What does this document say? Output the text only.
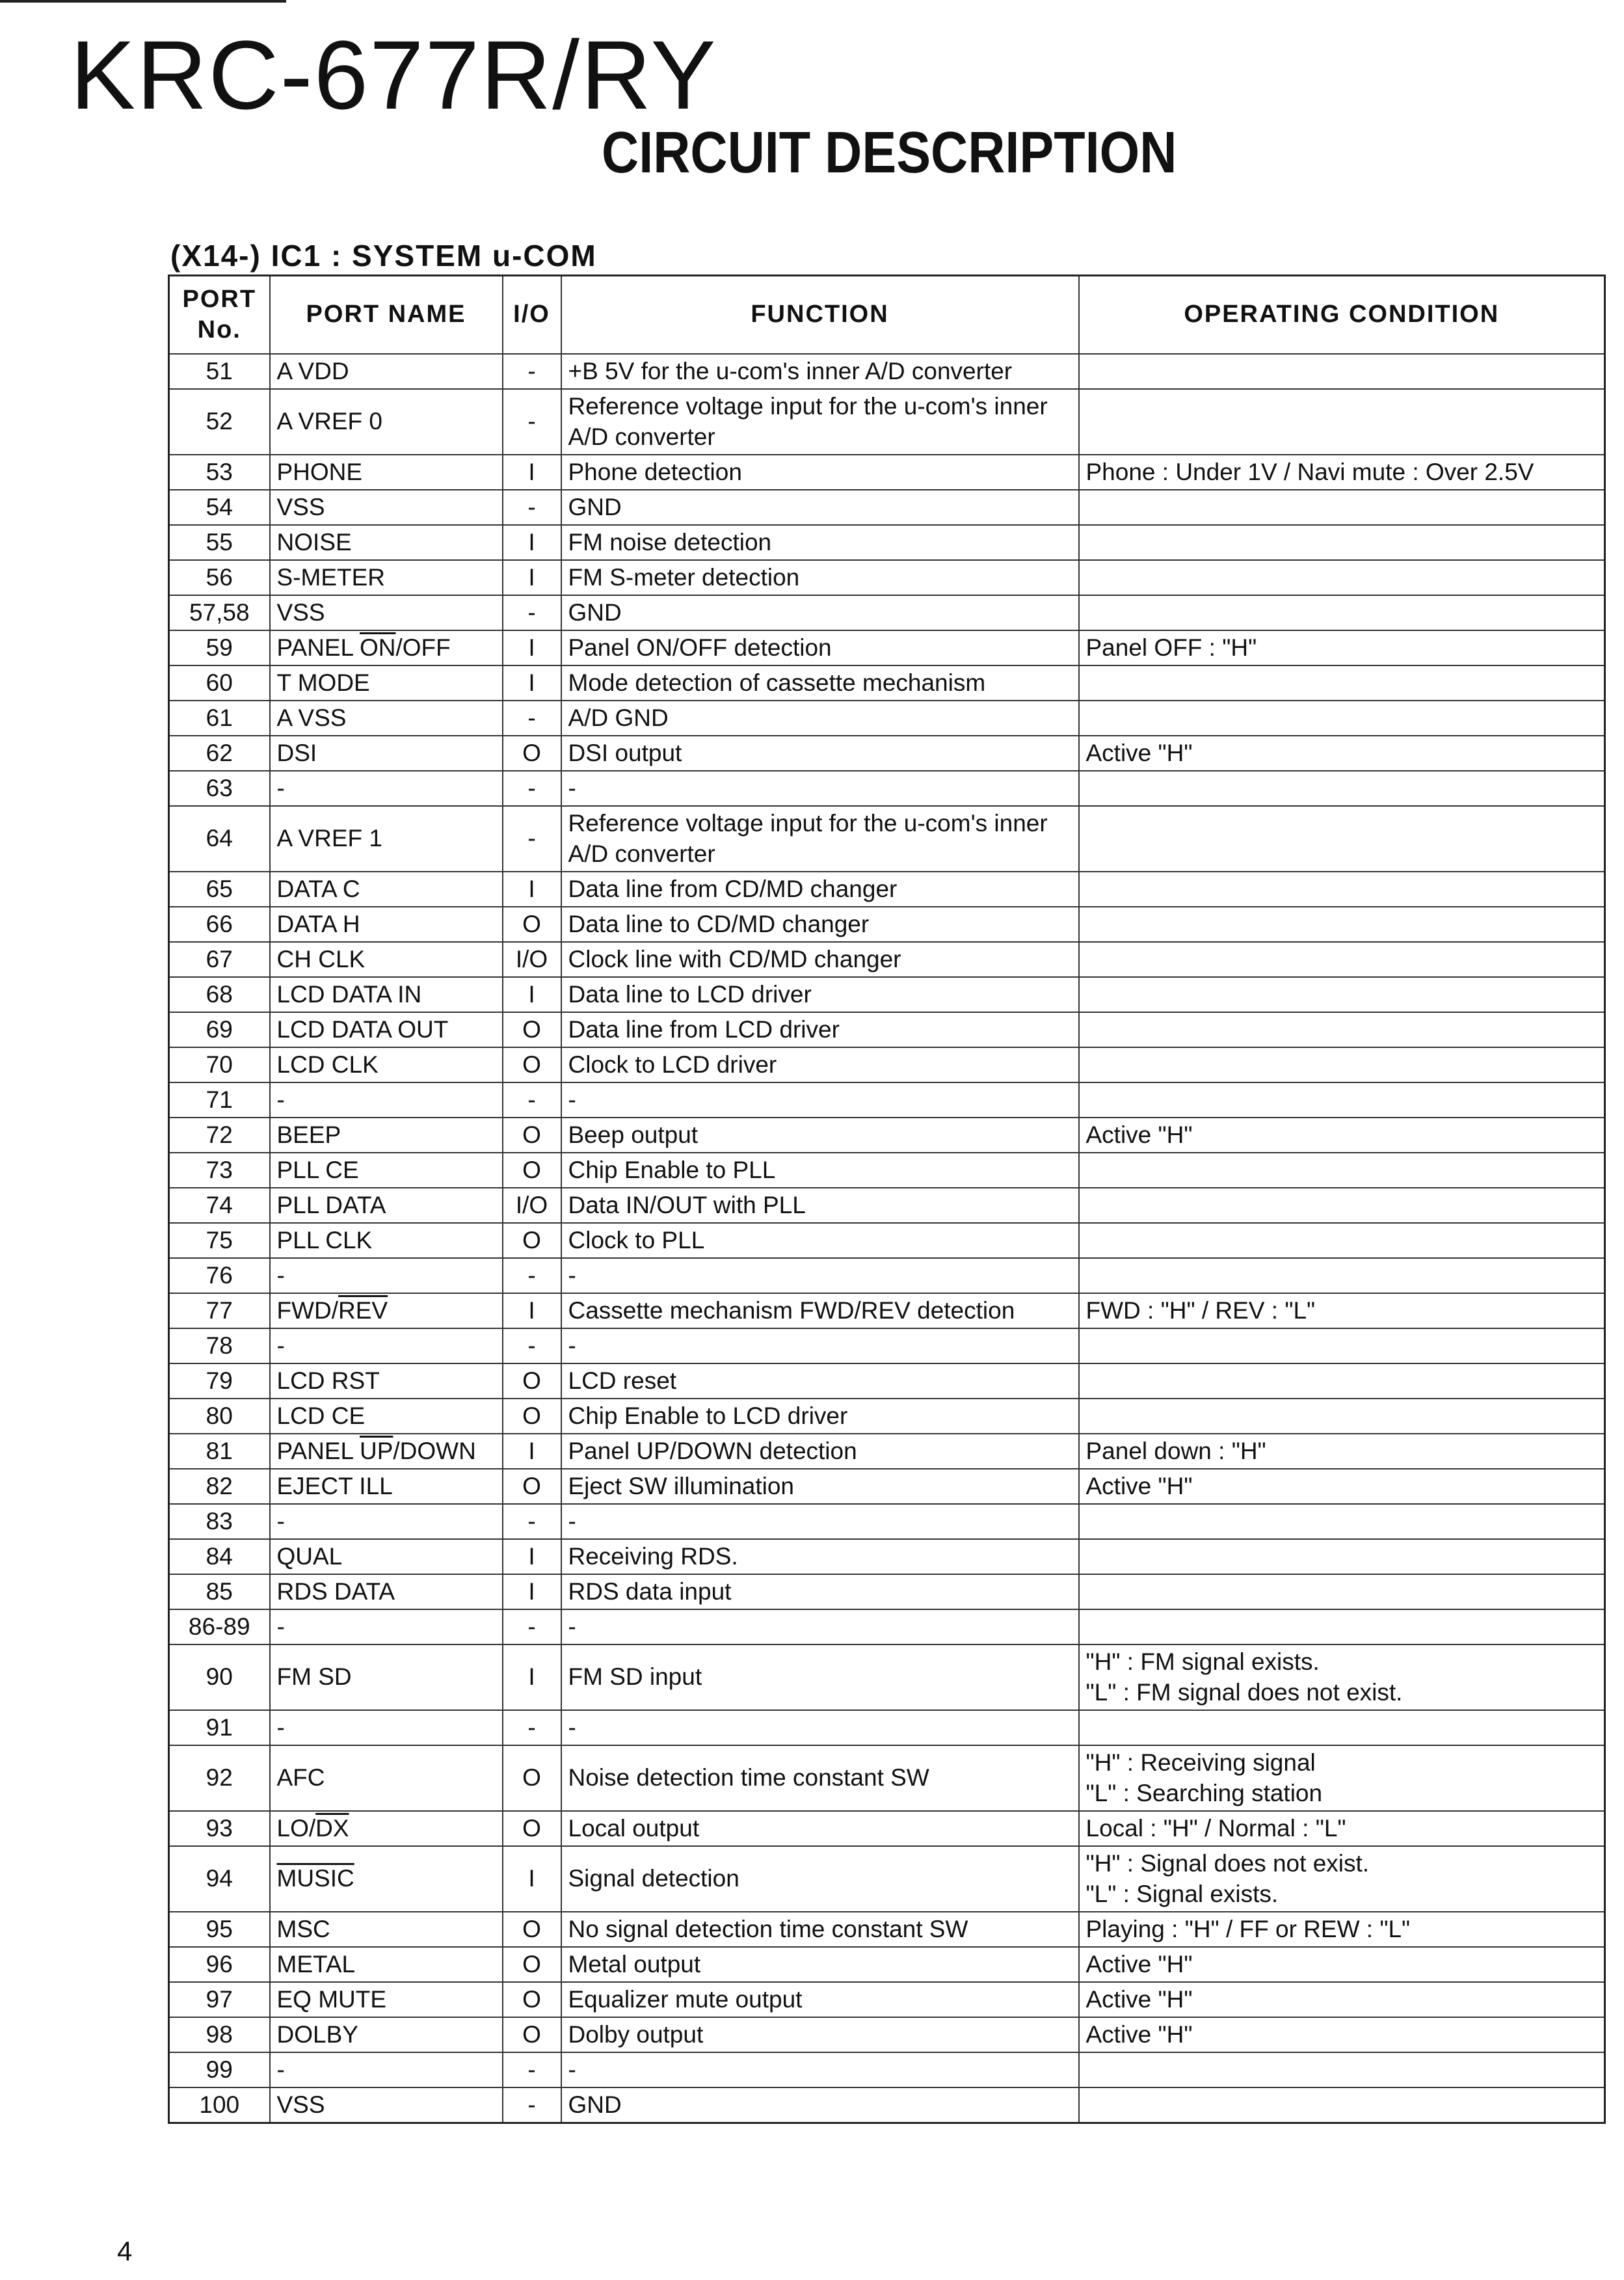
KRC-677R/RY
CIRCUIT DESCRIPTION
(X14-) IC1 : SYSTEM u-COM
PORT No.	PORT NAME	I/O	FUNCTION	OPERATING CONDITION
51	A VDD	-	+B 5V for the u-com's inner A/D converter	

52	A VREF 0	-	Reference voltage input for the u-com's inner
A/D converter	

53	PHONE	I	Phone detection	Phone : Under 1V / Navi mute : Over 2.5V

54	VSS	-	GND	

55	NOISE	I	FM noise detection	

56	S-METER	I	FM S-meter detection	

57,58	VSS	-	GND	

59	PANEL $\overline{ON}$/OFF	I	Panel ON/OFF detection	Panel OFF : "H"

60	T MODE	I	Mode detection of cassette mechanism	

61	A VSS	-	A/D GND	

62	DSI	O	DSI output	Active "H"

63	-	-	-	

64	A VREF 1	-	Reference voltage input for the u-com's inner
A/D converter	

65	DATA C	I	Data line from CD/MD changer	

66	DATA H	O	Data line to CD/MD changer	

67	CH CLK	I/O	Clock line with CD/MD changer	

68	LCD DATA IN	I	Data line to LCD driver	

69	LCD DATA OUT	O	Data line from LCD driver	

70	LCD CLK	O	Clock to LCD driver	

71	-	-	-	

72	BEEP	O	Beep output	Active "H"

73	PLL CE	O	Chip Enable to PLL	

74	PLL DATA	I/O	Data IN/OUT with PLL	

75	PLL CLK	O	Clock to PLL	

76	-	-	-	

77	FWD/$\overline{REV}$	I	Cassette mechanism FWD/REV detection	FWD : "H" / REV : "L"

78	-	-	-	

79	LCD RST	O	LCD reset	

80	LCD CE	O	Chip Enable to LCD driver	

81	PANEL $\overline{UP}$/DOWN	I	Panel UP/DOWN detection	Panel down : "H"

82	EJECT ILL	O	Eject SW illumination	Active "H"

83	-	-	-	

84	QUAL	I	Receiving RDS.	

85	RDS DATA	I	RDS data input	

86-89	-	-	-	

90	FM SD	I	FM SD input	"H" : FM signal exists.
"L" : FM signal does not exist.

91	-	-	-	

92	AFC	O	Noise detection time constant SW	"H" : Receiving signal
"L" : Searching station

93	$LO/\overline{DX}$	O	Local output	Local : "H" / Normal : "L"

94	MUSIC	I	Signal detection	"H" : Signal does not exist.
"L" : Signal exists.

95	MSC	O	No signal detection time constant SW	Playing : "H" / FF or REW : "L"

96	METAL	O	Metal output	Active "H"

97	EQ MUTE	O	Equalizer mute output	Active "H"

98	DOLBY	O	Dolby output	Active "H"

99	-	-	-	

100	VSS	-	GND	

4
